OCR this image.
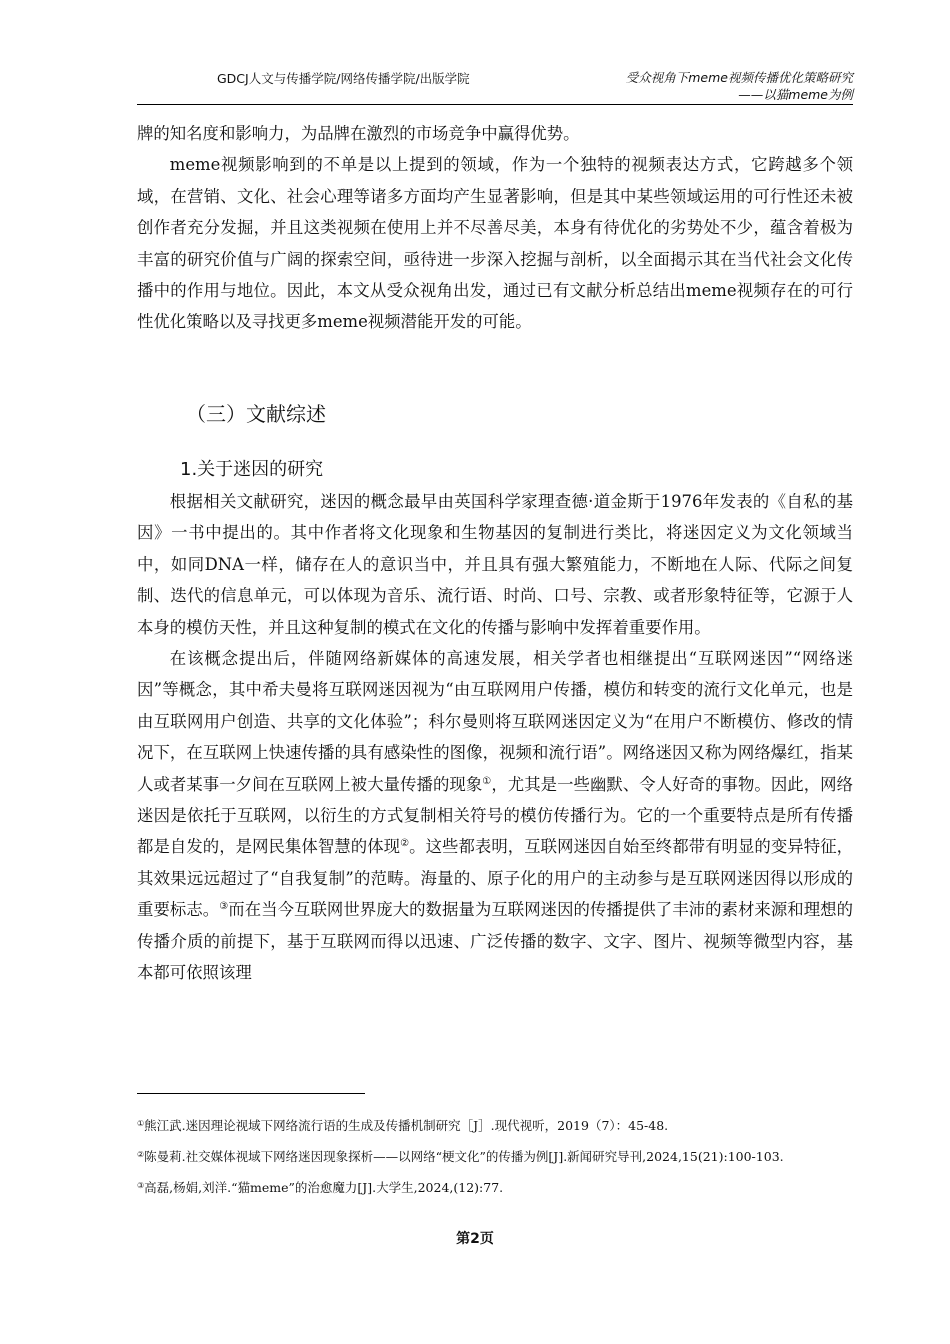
GDCJ人文与传播学院/网络传播学院/出版学院	受众视角下meme视频传播优化策略研究
——以猫meme为例

牌的知名度和影响力，为品牌在激烈的市场竞争中赢得优势。

meme视频影响到的不单是以上提到的领域，作为一个独特的视频表达方式，它跨越多个领域，在营销、文化、社会心理等诸多方面均产生显著影响，但是其中某些领域运用的可行性还未被创作者充分发掘，并且这类视频在使用上并不尽善尽美，本身有待优化的劣势处不少，蕴含着极为丰富的研究价值与广阔的探索空间，亟待进一步深入挖掘与剖析，以全面揭示其在当代社会文化传播中的作用与地位。因此，本文从受众视角出发，通过已有文献分析总结出meme视频存在的可行性优化策略以及寻找更多meme视频潜能开发的可能。

（三）文献综述
1.关于迷因的研究

根据相关文献研究，迷因的概念最早由英国科学家理查德·道金斯于1976年发表的《自私的基因》一书中提出的。其中作者将文化现象和生物基因的复制进行类比，将迷因定义为文化领域当中，如同DNA一样，储存在人的意识当中，并且具有强大繁殖能力，不断地在人际、代际之间复制、迭代的信息单元，可以体现为音乐、流行语、时尚、口号、宗教、或者形象特征等，它源于人本身的模仿天性，并且这种复制的模式在文化的传播与影响中发挥着重要作用。

在该概念提出后，伴随网络新媒体的高速发展，相关学者也相继提出“互联网迷因”“网络迷因”等概念，其中希夫曼将互联网迷因视为“由互联网用户传播，模仿和转变的流行文化单元，也是由互联网用户创造、共享的文化体验”；科尔曼则将互联网迷因定义为“在用户不断模仿、修改的情况下，在互联网上快速传播的具有感染性的图像，视频和流行语”。网络迷因又称为网络爆红，指某人或者某事一夕间在互联网上被大量传播的现象①，尤其是一些幽默、令人好奇的事物。因此，网络迷因是依托于互联网，以衍生的方式复制相关符号的模仿传播行为。它的一个重要特点是所有传播都是自发的，是网民集体智慧的体现②。这些都表明，互联网迷因自始至终都带有明显的变异特征，其效果远远超过了“自我复制”的范畴。海量的、原子化的用户的主动参与是互联网迷因得以形成的重要标志。③而在当今互联网世界庞大的数据量为互联网迷因的传播提供了丰沛的素材来源和理想的传播介质的前提下，基于互联网而得以迅速、广泛传播的数字、文字、图片、视频等微型内容，基本都可依照该理

①熊江武.迷因理论视域下网络流行语的生成及传播机制研究［J］.现代视听，2019（7）：45-48.

②陈曼莉.社交媒体视域下网络迷因现象探析——以网络“梗文化”的传播为例[J].新闻研究导刊,2024,15(21):100-103.

③高磊,杨娟,刘洋.“猫meme”的治愈魔力[J].大学生,2024,(12):77.

第2页
